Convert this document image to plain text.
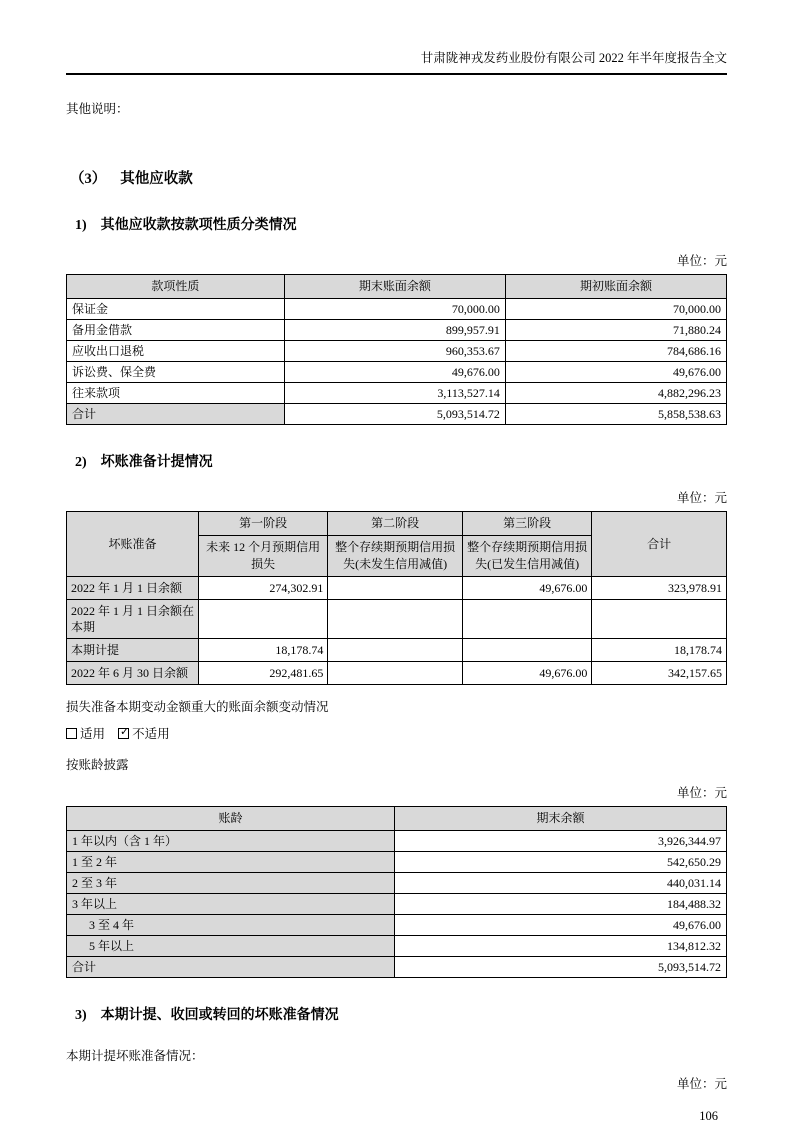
甘肃陇神戎发药业股份有限公司 2022 年半年度报告全文
其他说明：
（3） 其他应收款
1) 其他应收款按款项性质分类情况
单位：元
款项性质	期末账面余额	期初账面余额
保证金	70,000.00	70,000.00
备用金借款	899,957.91	71,880.24
应收出口退税	960,353.67	784,686.16
诉讼费、保全费	49,676.00	49,676.00
往来款项	3,113,527.14	4,882,296.23
合计	5,093,514.72	5,858,538.63
2) 坏账准备计提情况
单位：元
坏账准备	第一阶段	第二阶段	第三阶段	合计
	未来 12 个月预期信用损失	整个存续期预期信用损失(未发生信用减值)	整个存续期预期信用损失(已发生信用减值)	
2022 年 1 月 1 日余额	274,302.91		49,676.00	323,978.91
2022 年 1 月 1 日余额在本期				
本期计提	18,178.74			18,178.74
2022 年 6 月 30 日余额	292,481.65		49,676.00	342,157.65
损失准备本期变动金额重大的账面余额变动情况
适用
✓ 不适用
按账龄披露
单位：元
账龄	期末余额
1 年以内（含 1 年）	3,926,344.97
1 至 2 年	542,650.29
2 至 3 年	440,031.14
3 年以上	184,488.32
3 至 4 年	49,676.00
5 年以上	134,812.32
合计	5,093,514.72
3) 本期计提、收回或转回的坏账准备情况
本期计提坏账准备情况：
单位：元
106
